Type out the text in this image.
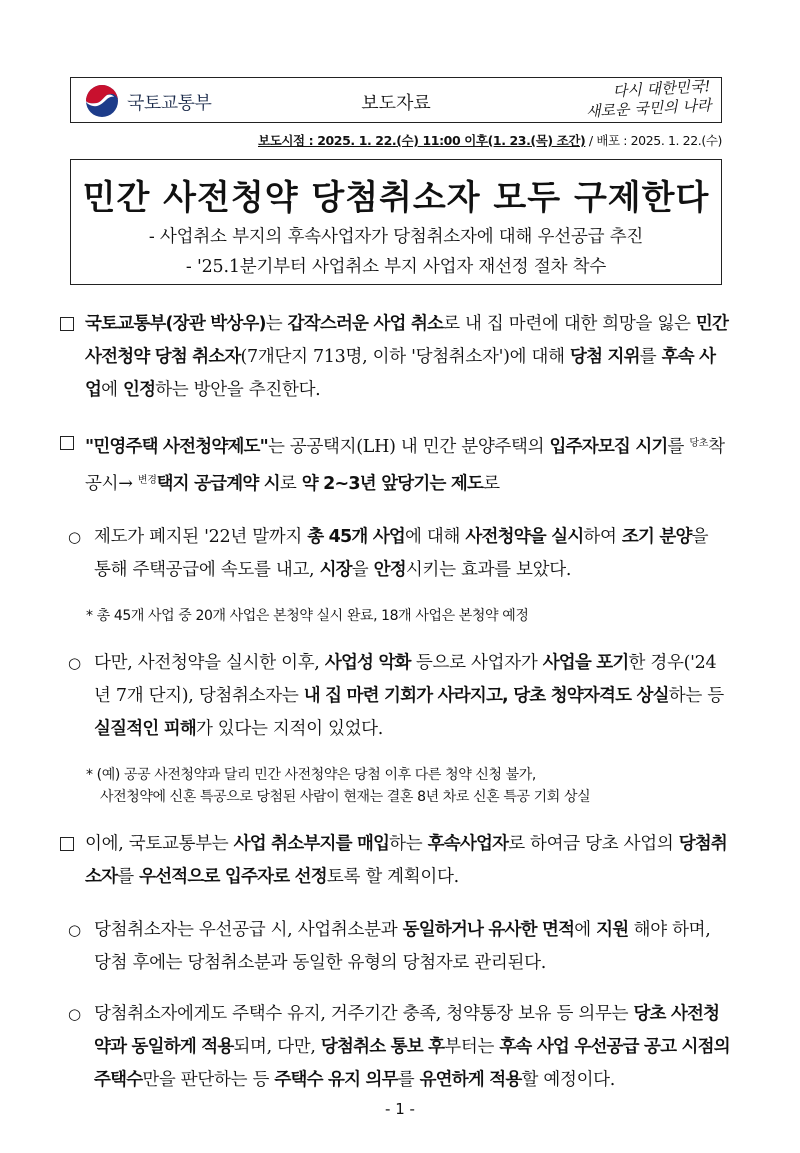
국토교통부	보도자료
다시 대한민국!
새로운 국민의 나라
보도시점 : 2025. 1. 22.(수) 11:00 이후(1. 23.(목) 조간) / 배포 : 2025. 1. 22.(수)
민간 사전청약 당첨취소자 모두 구제한다
- 사업취소 부지의 후속사업자가 당첨취소자에 대해 우선공급 추진
- '25.1분기부터 사업취소 부지 사업자 재선정 절차 착수
국토교통부(장관 박상우)는 갑작스러운 사업 취소로 내 집 마련에 대한 희망을 잃은 민간 사전청약 당첨 취소자(7개단지 713명, 이하 '당첨취소자')에 대해 당첨 지위를 후속 사업에 인정하는 방안을 추진한다.
"민영주택 사전청약제도"는 공공택지(LH) 내 민간 분양주택의 입주자모집 시기를 $^{당초}$착공시→ $^{변경}$택지 공급계약 시로 약 2~3년 앞당기는 제도로
○ 제도가 폐지된 '22년 말까지 총 45개 사업에 대해 사전청약을 실시하여 조기 분양을 통해 주택공급에 속도를 내고, 시장을 안정시키는 효과를 보았다.
* 총 45개 사업 중 20개 사업은 본청약 실시 완료, 18개 사업은 본청약 예정
○ 다만, 사전청약을 실시한 이후, 사업성 악화 등으로 사업자가 사업을 포기한 경우('24년 7개 단지), 당첨취소자는 내 집 마련 기회가 사라지고, 당초 청약자격도 상실하는 등 실질적인 피해가 있다는 지적이 있었다.
* (예) 공공 사전청약과 달리 민간 사전청약은 당첨 이후 다른 청약 신청 불가,
사전청약에 신혼 특공으로 당첨된 사람이 현재는 결혼 8년 차로 신혼 특공 기회 상실
이에, 국토교통부는 사업 취소부지를 매입하는 후속사업자로 하여금 당초 사업의 당첨취소자를 우선적으로 입주자로 선정토록 할 계획이다.
○ 당첨취소자는 우선공급 시, 사업취소분과 동일하거나 유사한 면적에 지원 해야 하며, 당첨 후에는 당첨취소분과 동일한 유형의 당첨자로 관리된다.
○ 당첨취소자에게도 주택수 유지, 거주기간 충족, 청약통장 보유 등 의무는 당초 사전청약과 동일하게 적용되며, 다만, 당첨취소 통보 후부터는 후속 사업 우선공급 공고 시점의 주택수만을 판단하는 등 주택수 유지 의무를 유연하게 적용할 예정이다.
- 1 -
